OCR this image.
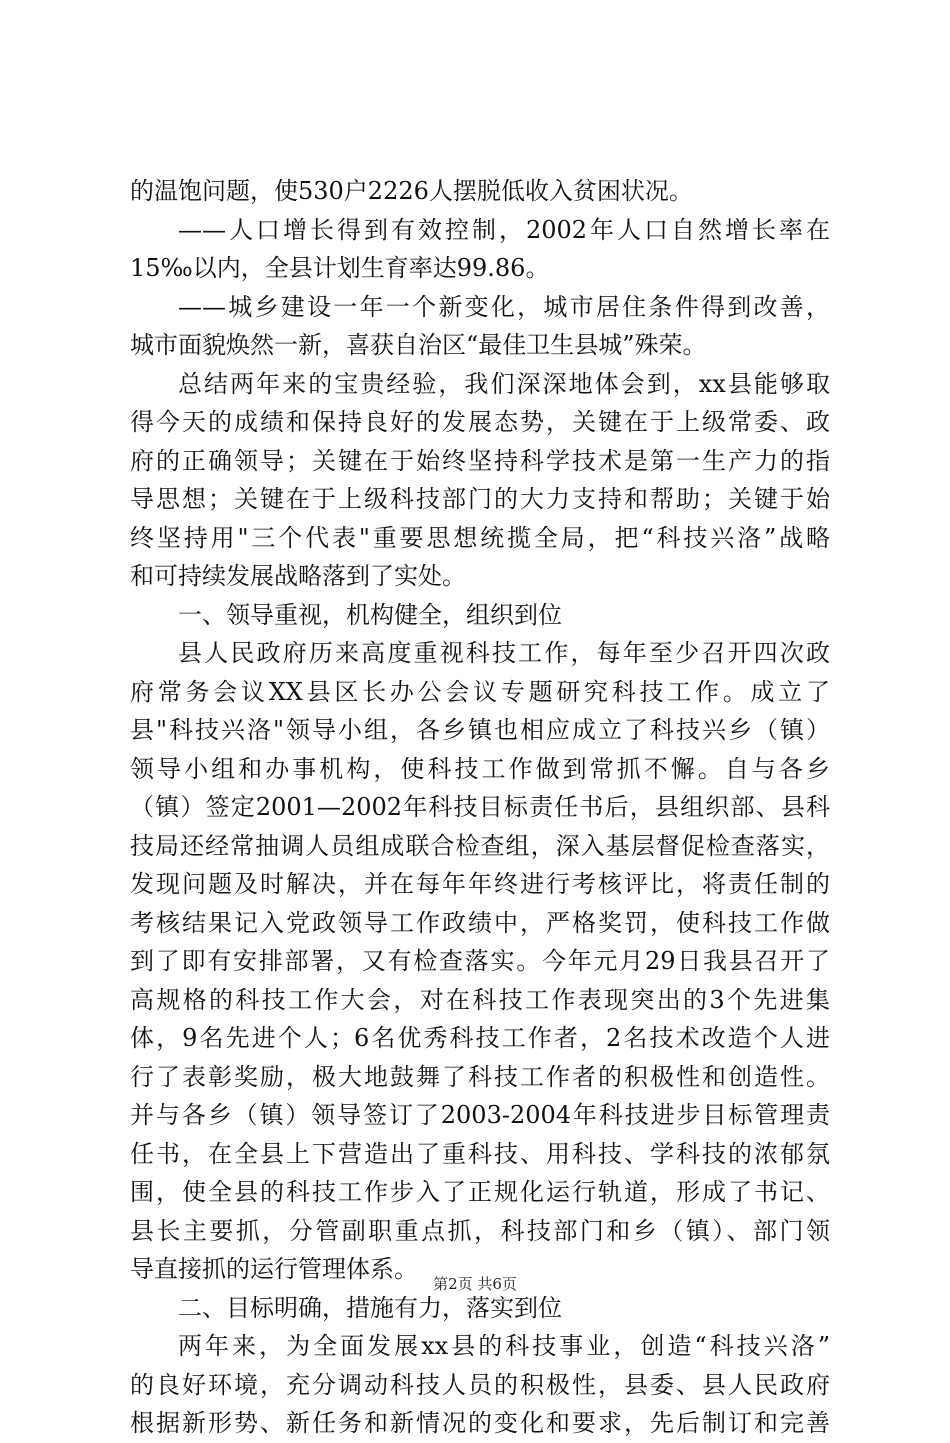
的温饱问题，使530户2226人摆脱低收入贫困状况。
——人口增长得到有效控制，2002年人口自然增长率在
15‰以内，全县计划生育率达99.86。
——城乡建设一年一个新变化，城市居住条件得到改善，
城市面貌焕然一新，喜获自治区“最佳卫生县城”殊荣。
总结两年来的宝贵经验，我们深深地体会到，xx县能够取
得今天的成绩和保持良好的发展态势，关键在于上级常委、政
府的正确领导；关键在于始终坚持科学技术是第一生产力的指
导思想；关键在于上级科技部门的大力支持和帮助；关键于始
终坚持用"三个代表"重要思想统揽全局，把“科技兴洛”战略
和可持续发展战略落到了实处。
一、领导重视，机构健全，组织到位
县人民政府历来高度重视科技工作，每年至少召开四次政
府常务会议XX县区长办公会议专题研究科技工作。成立了
县"科技兴洛"领导小组，各乡镇也相应成立了科技兴乡（镇）
领导小组和办事机构，使科技工作做到常抓不懈。自与各乡
（镇）签定2001—2002年科技目标责任书后，县组织部、县科
技局还经常抽调人员组成联合检查组，深入基层督促检查落实，
发现问题及时解决，并在每年年终进行考核评比，将责任制的
考核结果记入党政领导工作政绩中，严格奖罚，使科技工作做
到了即有安排部署，又有检查落实。今年元月29日我县召开了
高规格的科技工作大会，对在科技工作表现突出的3个先进集
体，9名先进个人；6名优秀科技工作者，2名技术改造个人进
行了表彰奖励，极大地鼓舞了科技工作者的积极性和创造性。
并与各乡（镇）领导签订了2003-2004年科技进步目标管理责
任书，在全县上下营造出了重科技、用科技、学科技的浓郁氛
围，使全县的科技工作步入了正规化运行轨道，形成了书记、
县长主要抓，分管副职重点抓，科技部门和乡（镇）、部门领
导直接抓的运行管理体系。
二、目标明确，措施有力，落实到位
两年来，为全面发展xx县的科技事业，创造“科技兴洛”
的良好环境，充分调动科技人员的积极性，县委、县人民政府
根据新形势、新任务和新情况的变化和要求，先后制订和完善
第2页 共6页
